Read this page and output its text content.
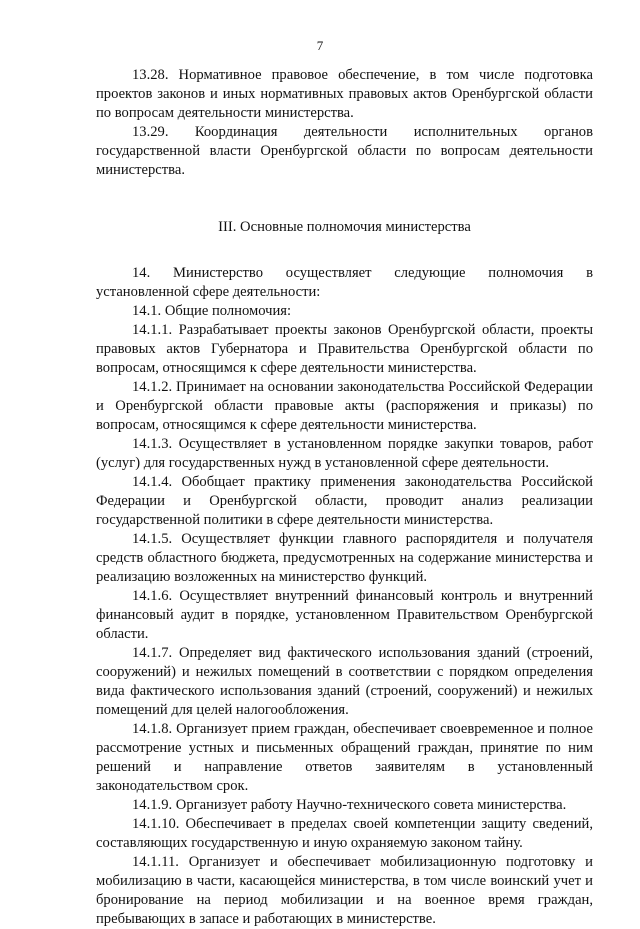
7

13.28. Нормативное правовое обеспечение, в том числе подготовка проектов законов и иных нормативных правовых актов Оренбургской области по вопросам деятельности министерства.

13.29. Координация деятельности исполнительных органов государственной власти Оренбургской области по вопросам деятельности министерства.

III. Основные полномочия министерства

14. Министерство осуществляет следующие полномочия в установленной сфере деятельности:

14.1. Общие полномочия:

14.1.1. Разрабатывает проекты законов Оренбургской области, проекты правовых актов Губернатора и Правительства Оренбургской области по вопросам, относящимся к сфере деятельности министерства.

14.1.2. Принимает на основании законодательства Российской Федерации и Оренбургской области правовые акты (распоряжения и приказы) по вопросам, относящимся к сфере деятельности министерства.

14.1.3. Осуществляет в установленном порядке закупки товаров, работ (услуг) для государственных нужд в установленной сфере деятельности.

14.1.4. Обобщает практику применения законодательства Российской Федерации и Оренбургской области, проводит анализ реализации государственной политики в сфере деятельности министерства.

14.1.5. Осуществляет функции главного распорядителя и получателя средств областного бюджета, предусмотренных на содержание министерства и реализацию возложенных на министерство функций.

14.1.6. Осуществляет внутренний финансовый контроль и внутренний финансовый аудит в порядке, установленном Правительством Оренбургской области.

14.1.7. Определяет вид фактического использования зданий (строений, сооружений) и нежилых помещений в соответствии с порядком определения вида фактического использования зданий (строений, сооружений) и нежилых помещений для целей налогообложения.

14.1.8. Организует прием граждан, обеспечивает своевременное и полное рассмотрение устных и письменных обращений граждан, принятие по ним решений и направление ответов заявителям в установленный законодательством срок.

14.1.9. Организует работу Научно-технического совета министерства.

14.1.10. Обеспечивает в пределах своей компетенции защиту сведений, составляющих государственную и иную охраняемую законом тайну.

14.1.11. Организует и обеспечивает мобилизационную подготовку и мобилизацию в части, касающейся министерства, в том числе воинский учет и бронирование на период мобилизации и на военное время граждан, пребывающих в запасе и работающих в министерстве.
